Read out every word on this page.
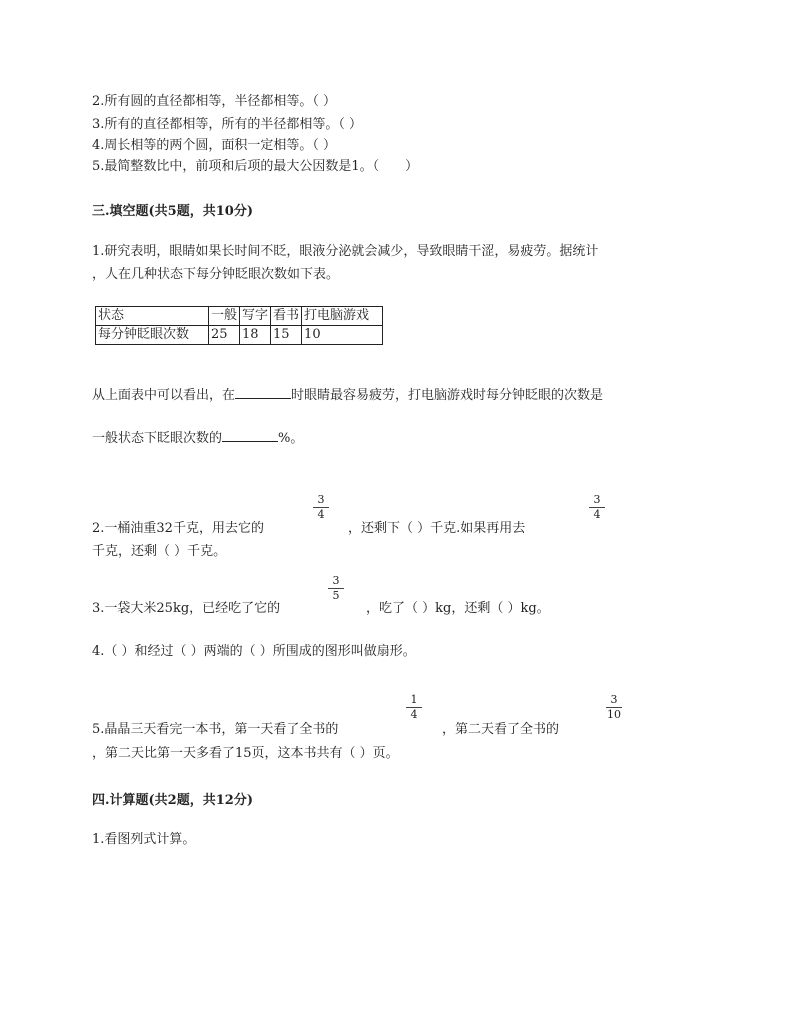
2.所有圆的直径都相等，半径都相等。（ ）
3.所有的直径都相等，所有的半径都相等。（ ）
4.周长相等的两个圆，面积一定相等。（ ）
5.最简整数比中，前项和后项的最大公因数是1。（　　）
三.填空题(共5题，共10分)
1.研究表明，眼睛如果长时间不眨，眼液分泌就会减少，导致眼睛干涩，易疲劳。据统计
，人在几种状态下每分钟眨眼次数如下表。
状态	一般	写字	看书	打电脑游戏
每分钟眨眼次数	25	18	15	10
从上面表中可以看出，在	时眼睛最容易疲劳，打电脑游戏时每分钟眨眼的次数是
一般状态下眨眼次数的	%。
3
4
3
4
2.一桶油重32千克，用去它的	，还剩下（ ）千克.如果再用去
千克，还剩（ ）千克。
3
5
3.一袋大米25kg，已经吃了它的	，吃了（ ）kg，还剩（ ）kg。
4.（ ）和经过（ ）两端的（ ）所围成的图形叫做扇形。
1
4
3
10
5.晶晶三天看完一本书，第一天看了全书的	，第二天看了全书的
，第二天比第一天多看了15页，这本书共有（ ）页。
四.计算题(共2题，共12分)
1.看图列式计算。
